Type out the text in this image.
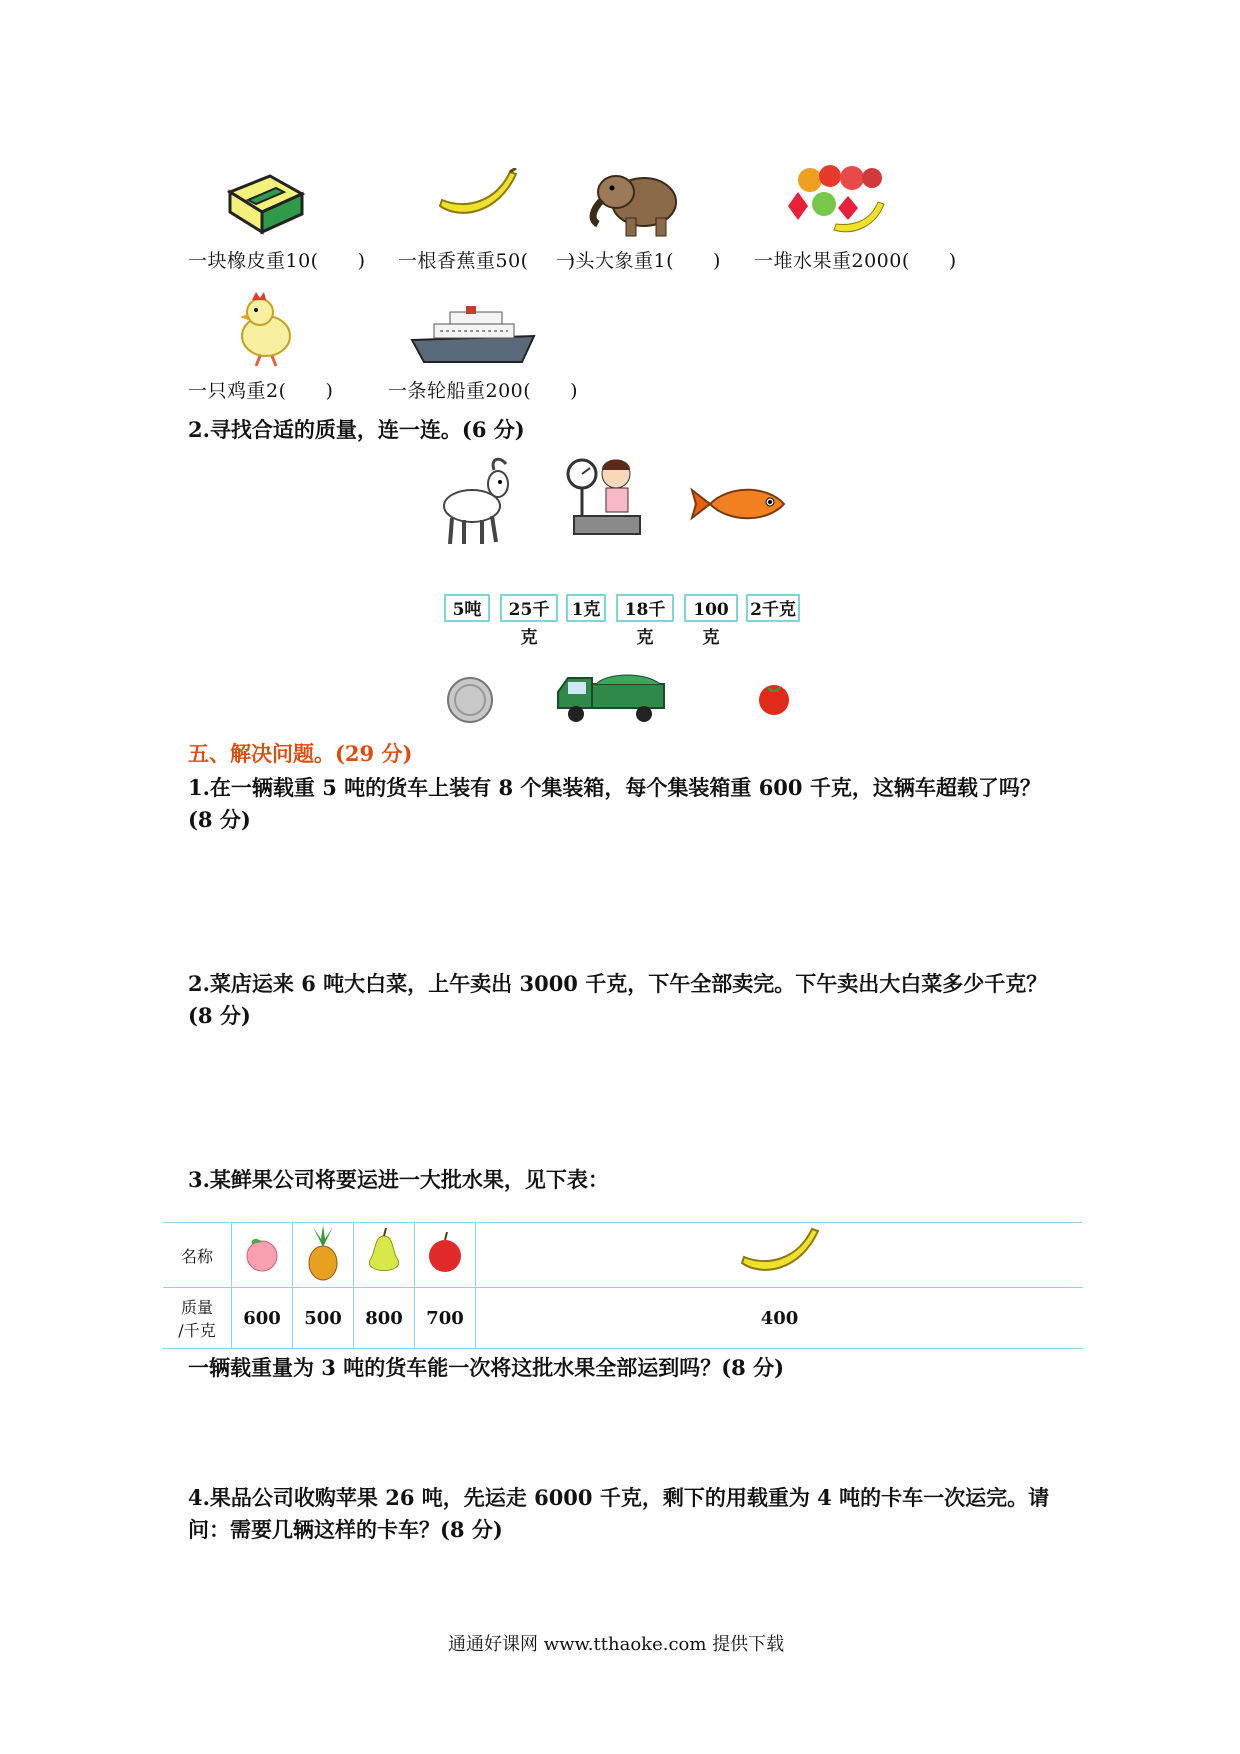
一块橡皮重10(　　) 一根香蕉重50(　　)
一头大象重1(　　) 一堆水果重2000(　　)
一只鸡重2(　　)	一条轮船重200(　　)
2.寻找合适的质量，连一连。(6 分)
5吨	25千克
1克	18千克
100克
2千克
五、解决问题。(29 分)
1.在一辆载重 5 吨的货车上装有 8 个集装箱，每个集装箱重 600 千克，这辆车超载了吗？(8 分)
2.菜店运来 6 吨大白菜，上午卖出 3000 千克，下午全部卖完。下午卖出大白菜多少千克？(8 分)
3.某鲜果公司将要运进一大批水果，见下表：
名称					

质量
/千克	600	500	800	700	400
一辆载重量为 3 吨的货车能一次将这批水果全部运到吗？(8 分)
4.果品公司收购苹果 26 吨，先运走 6000 千克，剩下的用载重为 4 吨的卡车一次运完。请问：需要几辆这样的卡车？(8 分)
通通好课网 www.tthaoke.com 提供下载
